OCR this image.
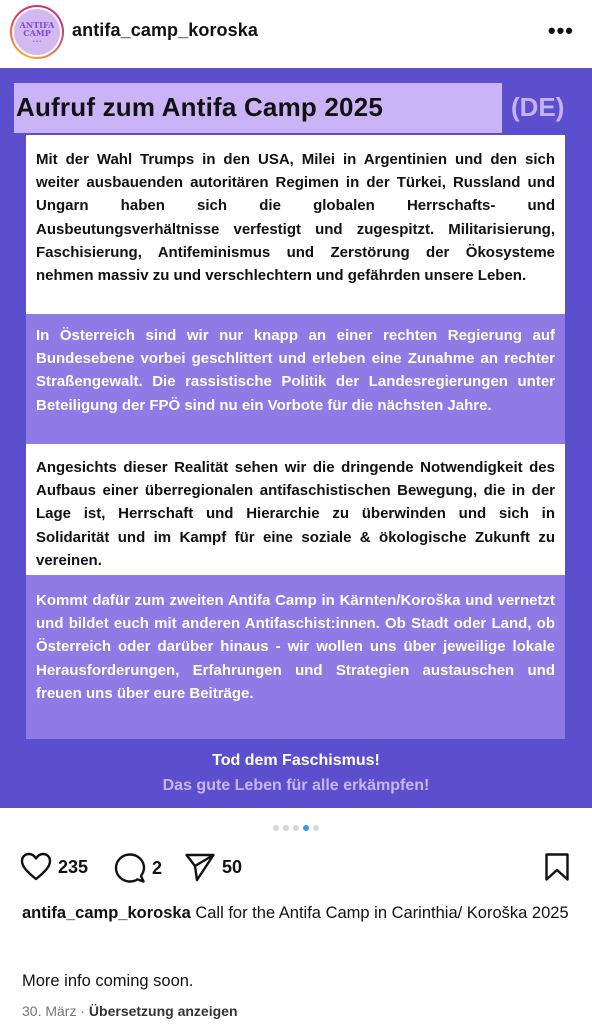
ANTIFA
CAMP
● ▲ ●
antifa_camp_koroska	•••
Aufruf zum Antifa Camp 2025	(DE)
Mit der Wahl Trumps in den USA, Milei in Argentinien und den sich weiter ausbauenden autoritären Regimen in der Türkei, Russland und Ungarn haben sich die globalen Herrschafts- und Ausbeutungsverhältnisse verfestigt und zugespitzt. Militarisierung, Faschisierung, Antifeminismus und Zerstörung der Ökosysteme nehmen massiv zu und verschlechtern und gefährden unsere Leben.
In Österreich sind wir nur knapp an einer rechten Regierung auf Bundesebene vorbei geschlittert und erleben eine Zunahme an rechter Straßengewalt. Die rassistische Politik der Landesregierungen unter Beteiligung der FPÖ sind nu ein Vorbote für die nächsten Jahre.
Angesichts dieser Realität sehen wir die dringende Notwendigkeit des Aufbaus einer überregionalen antifaschistischen Bewegung, die in der Lage ist, Herrschaft und Hierarchie zu überwinden und sich in Solidarität und im Kampf für eine soziale & ökologische Zukunft zu vereinen.
Kommt dafür zum zweiten Antifa Camp in Kärnten/Koroška und vernetzt und bildet euch mit anderen Antifaschist:innen. Ob Stadt oder Land, ob Österreich oder darüber hinaus - wir wollen uns über jeweilige lokale Herausforderungen, Erfahrungen und Strategien austauschen und freuen uns über eure Beiträge.
Tod dem Faschismus!
Das gute Leben für alle erkämpfen!
235	2	50
antifa_camp_koroska Call for the Antifa Camp in Carinthia/ Koroška 2025
More info coming soon.
30. März · Übersetzung anzeigen
